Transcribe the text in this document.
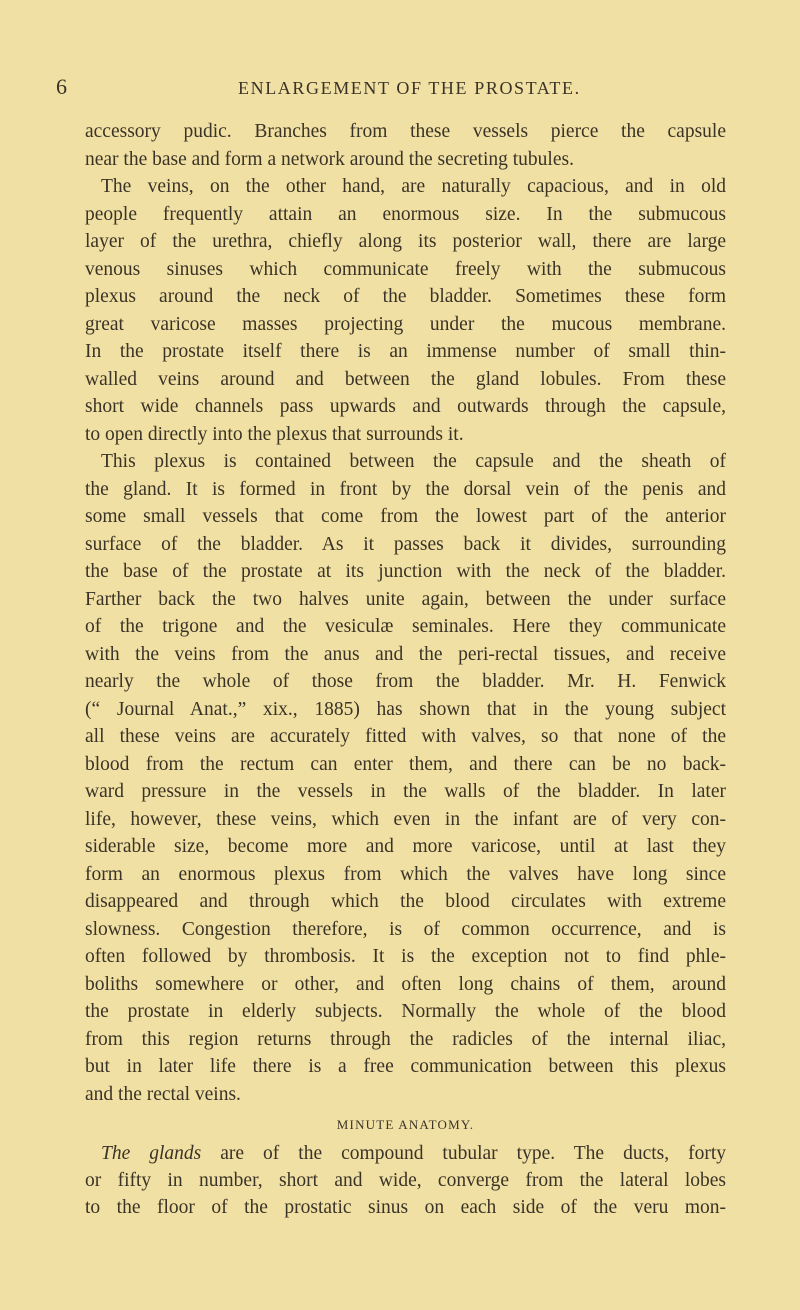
6	ENLARGEMENT OF THE PROSTATE.
accessory pudic. Branches from these vessels pierce the capsule
near the base and form a network around the secreting tubules.
The veins, on the other hand, are naturally capacious, and in old
people frequently attain an enormous size. In the submucous
layer of the urethra, chiefly along its posterior wall, there are large
venous sinuses which communicate freely with the submucous
plexus around the neck of the bladder. Sometimes these form
great varicose masses projecting under the mucous membrane.
In the prostate itself there is an immense number of small thin-
walled veins around and between the gland lobules. From these
short wide channels pass upwards and outwards through the capsule,
to open directly into the plexus that surrounds it.
This plexus is contained between the capsule and the sheath of
the gland. It is formed in front by the dorsal vein of the penis and
some small vessels that come from the lowest part of the anterior
surface of the bladder. As it passes back it divides, surrounding
the base of the prostate at its junction with the neck of the bladder.
Farther back the two halves unite again, between the under surface
of the trigone and the vesiculæ seminales. Here they communicate
with the veins from the anus and the peri-rectal tissues, and receive
nearly the whole of those from the bladder. Mr. H. Fenwick
(“ Journal Anat.,” xix., 1885) has shown that in the young subject
all these veins are accurately fitted with valves, so that none of the
blood from the rectum can enter them, and there can be no back-
ward pressure in the vessels in the walls of the bladder. In later
life, however, these veins, which even in the infant are of very con-
siderable size, become more and more varicose, until at last they
form an enormous plexus from which the valves have long since
disappeared and through which the blood circulates with extreme
slowness. Congestion therefore, is of common occurrence, and is
often followed by thrombosis. It is the exception not to find phle-
boliths somewhere or other, and often long chains of them, around
the prostate in elderly subjects. Normally the whole of the blood
from this region returns through the radicles of the internal iliac,
but in later life there is a free communication between this plexus
and the rectal veins.
MINUTE ANATOMY.
The glands are of the compound tubular type. The ducts, forty
or fifty in number, short and wide, converge from the lateral lobes
to the floor of the prostatic sinus on each side of the veru mon-
